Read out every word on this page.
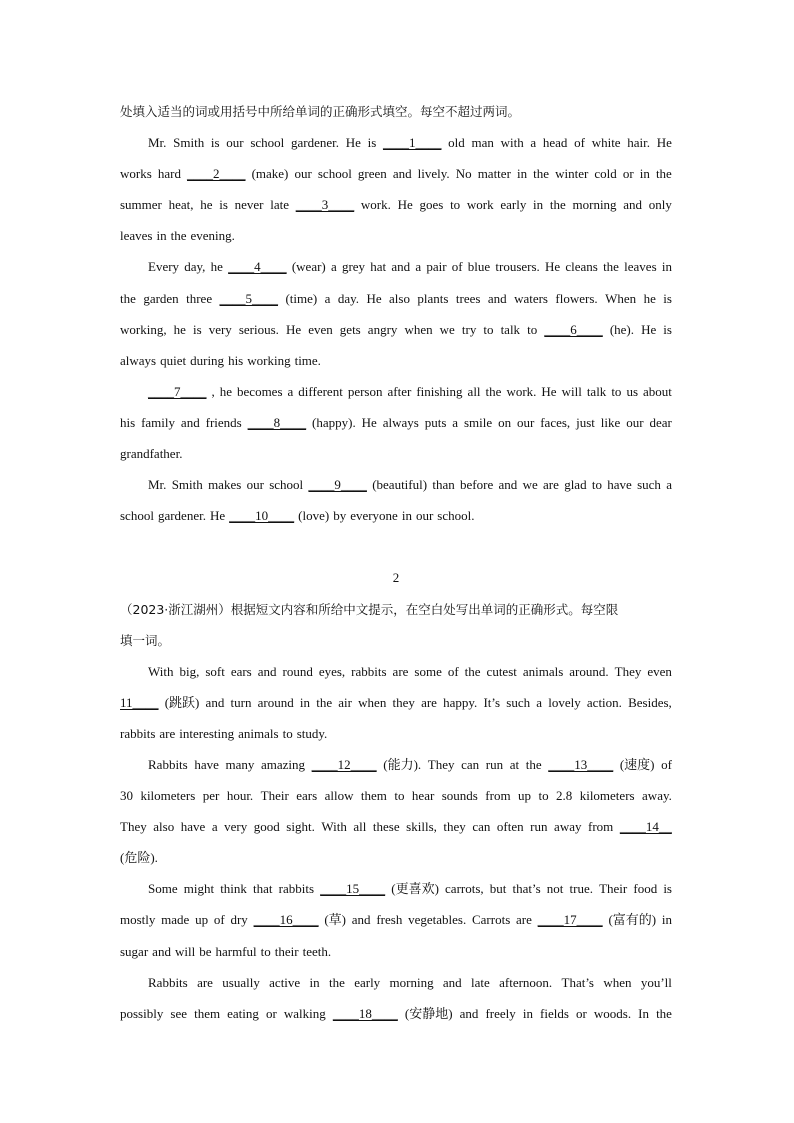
处填入适当的词或用括号中所给单词的正确形式填空。每空不超过两词。
Mr. Smith is our school gardener. He is ____1____ old man with a head of white hair. He
works hard ____2____ (make) our school green and lively. No matter in the winter cold or in the
summer heat, he is never late ____3____ work. He goes to work early in the morning and only
leaves in the evening.
Every day, he ____4____ (wear) a grey hat and a pair of blue trousers. He cleans the leaves in
the garden three ____5____ (time) a day. He also plants trees and waters flowers. When he is
working, he is very serious. He even gets angry when we try to talk to ____6____ (he). He is
always quiet during his working time.
____7____ , he becomes a different person after finishing all the work. He will talk to us about
his family and friends ____8____ (happy). He always puts a smile on our faces, just like our dear
grandfather.
Mr. Smith makes our school ____9____ (beautiful) than before and we are glad to have such a
school gardener. He ____10____ (love) by everyone in our school.
2
（2023·浙江湖州）根据短文内容和所给中文提示，在空白处写出单词的正确形式。每空限
填一词。
With big, soft ears and round eyes, rabbits are some of the cutest animals around. They even
11____ (跳跃) and turn around in the air when they are happy. It’s such a lovely action. Besides,
rabbits are interesting animals to study.
Rabbits have many amazing ____12____ (能力). They can run at the ____13____ (速度) of
30 kilometers per hour. Their ears allow them to hear sounds from up to 2.8 kilometers away.
They also have a very good sight. With all these skills, they can often run away from ____14__
(危险).
Some might think that rabbits ____15____ (更喜欢) carrots, but that’s not true. Their food is
mostly made up of dry ____16____ (草) and fresh vegetables. Carrots are ____17____ (富有的) in
sugar and will be harmful to their teeth.
Rabbits are usually active in the early morning and late afternoon. That’s when you’ll
possibly see them eating or walking ____18____ (安静地) and freely in fields or woods. In the
